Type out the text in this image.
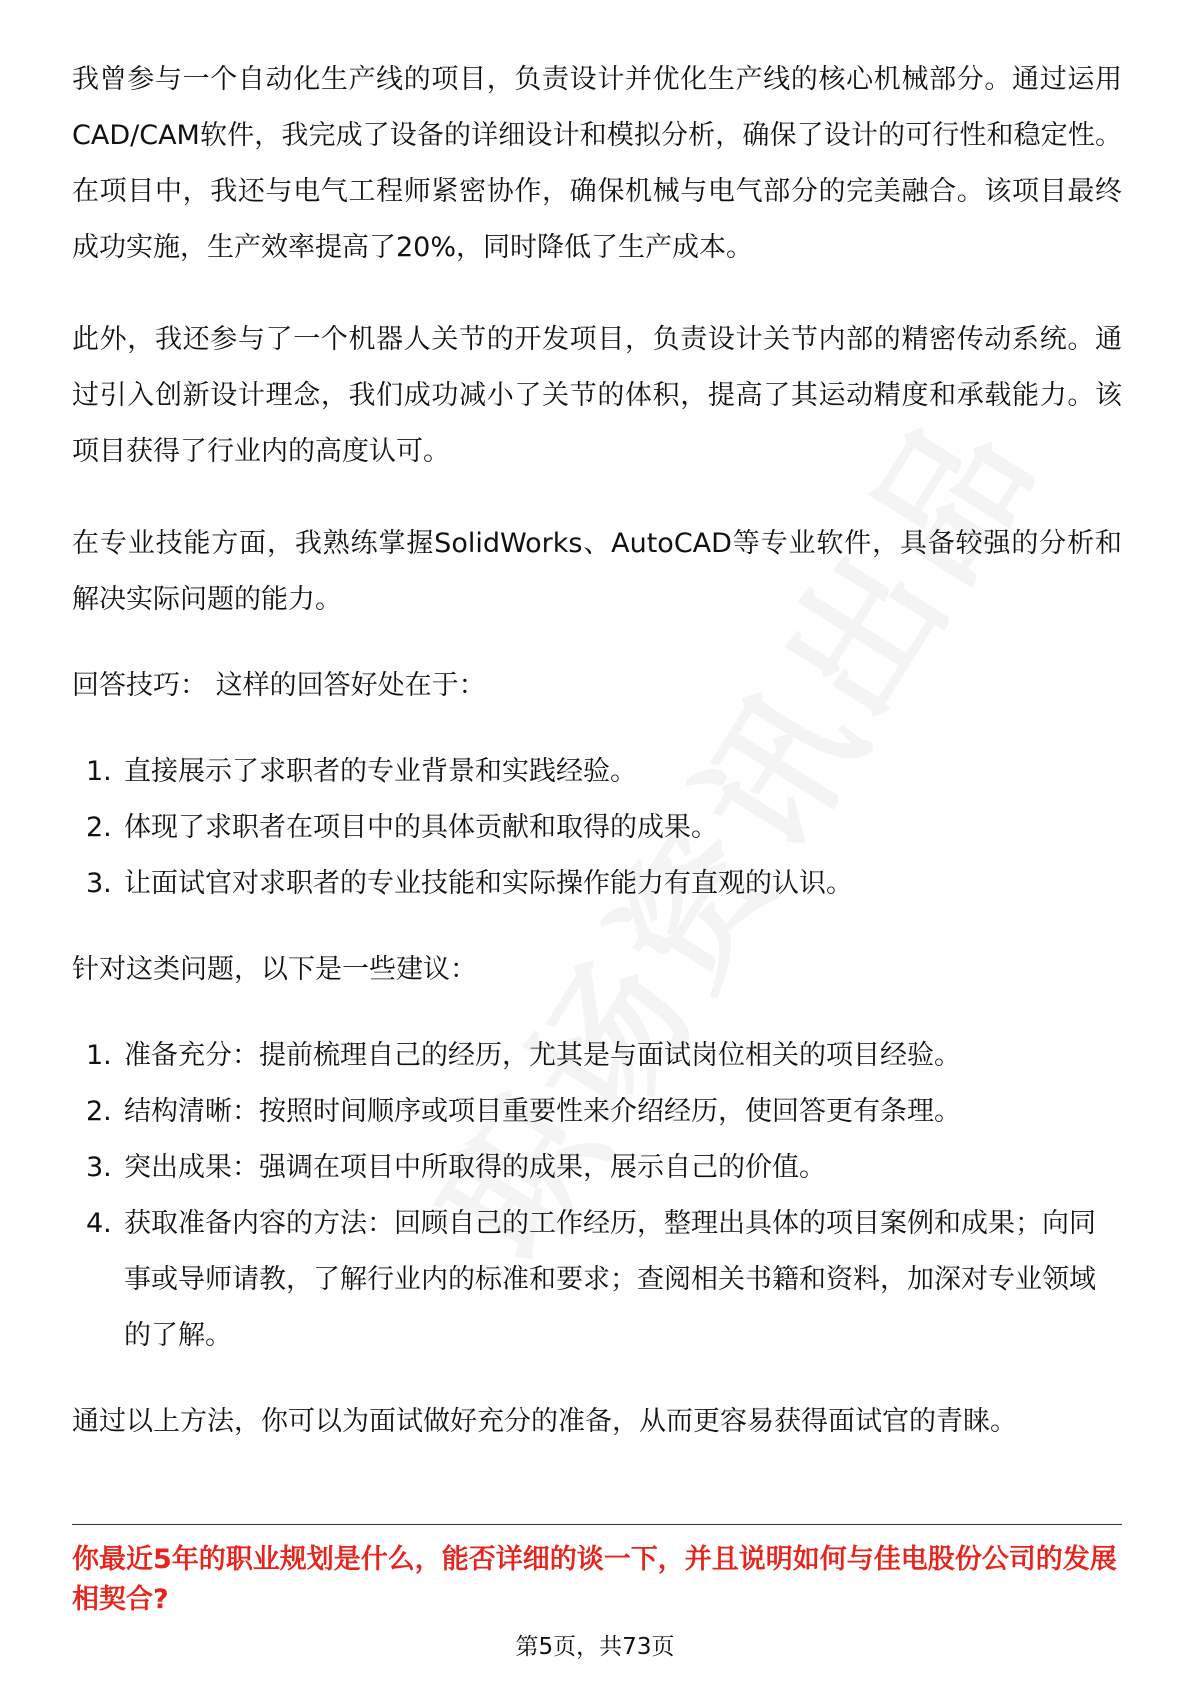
我曾参与一个自动化生产线的项目，负责设计并优化生产线的核心机械部分。通过运用CAD/CAM软件，我完成了设备的详细设计和模拟分析，确保了设计的可行性和稳定性。在项目中，我还与电气工程师紧密协作，确保机械与电气部分的完美融合。该项目最终成功实施，生产效率提高了20%，同时降低了生产成本。

此外，我还参与了一个机器人关节的开发项目，负责设计关节内部的精密传动系统。通过引入创新设计理念，我们成功减小了关节的体积，提高了其运动精度和承载能力。该项目获得了行业内的高度认可。

在专业技能方面，我熟练掌握SolidWorks、AutoCAD等专业软件，具备较强的分析和解决实际问题的能力。

回答技巧： 这样的回答好处在于：

1. 直接展示了求职者的专业背景和实践经验。
2. 体现了求职者在项目中的具体贡献和取得的成果。
3. 让面试官对求职者的专业技能和实际操作能力有直观的认识。

针对这类问题，以下是一些建议：

1. 准备充分：提前梳理自己的经历，尤其是与面试岗位相关的项目经验。
2. 结构清晰：按照时间顺序或项目重要性来介绍经历，使回答更有条理。
3. 突出成果：强调在项目中所取得的成果，展示自己的价值。
4. 获取准备内容的方法：回顾自己的工作经历，整理出具体的项目案例和成果；向同事或导师请教，了解行业内的标准和要求；查阅相关书籍和资料，加深对专业领域的了解。

通过以上方法，你可以为面试做好充分的准备，从而更容易获得面试官的青睐。

你最近5年的职业规划是什么，能否详细的谈一下，并且说明如何与佳电股份公司的发展相契合?

第5页，共73页
